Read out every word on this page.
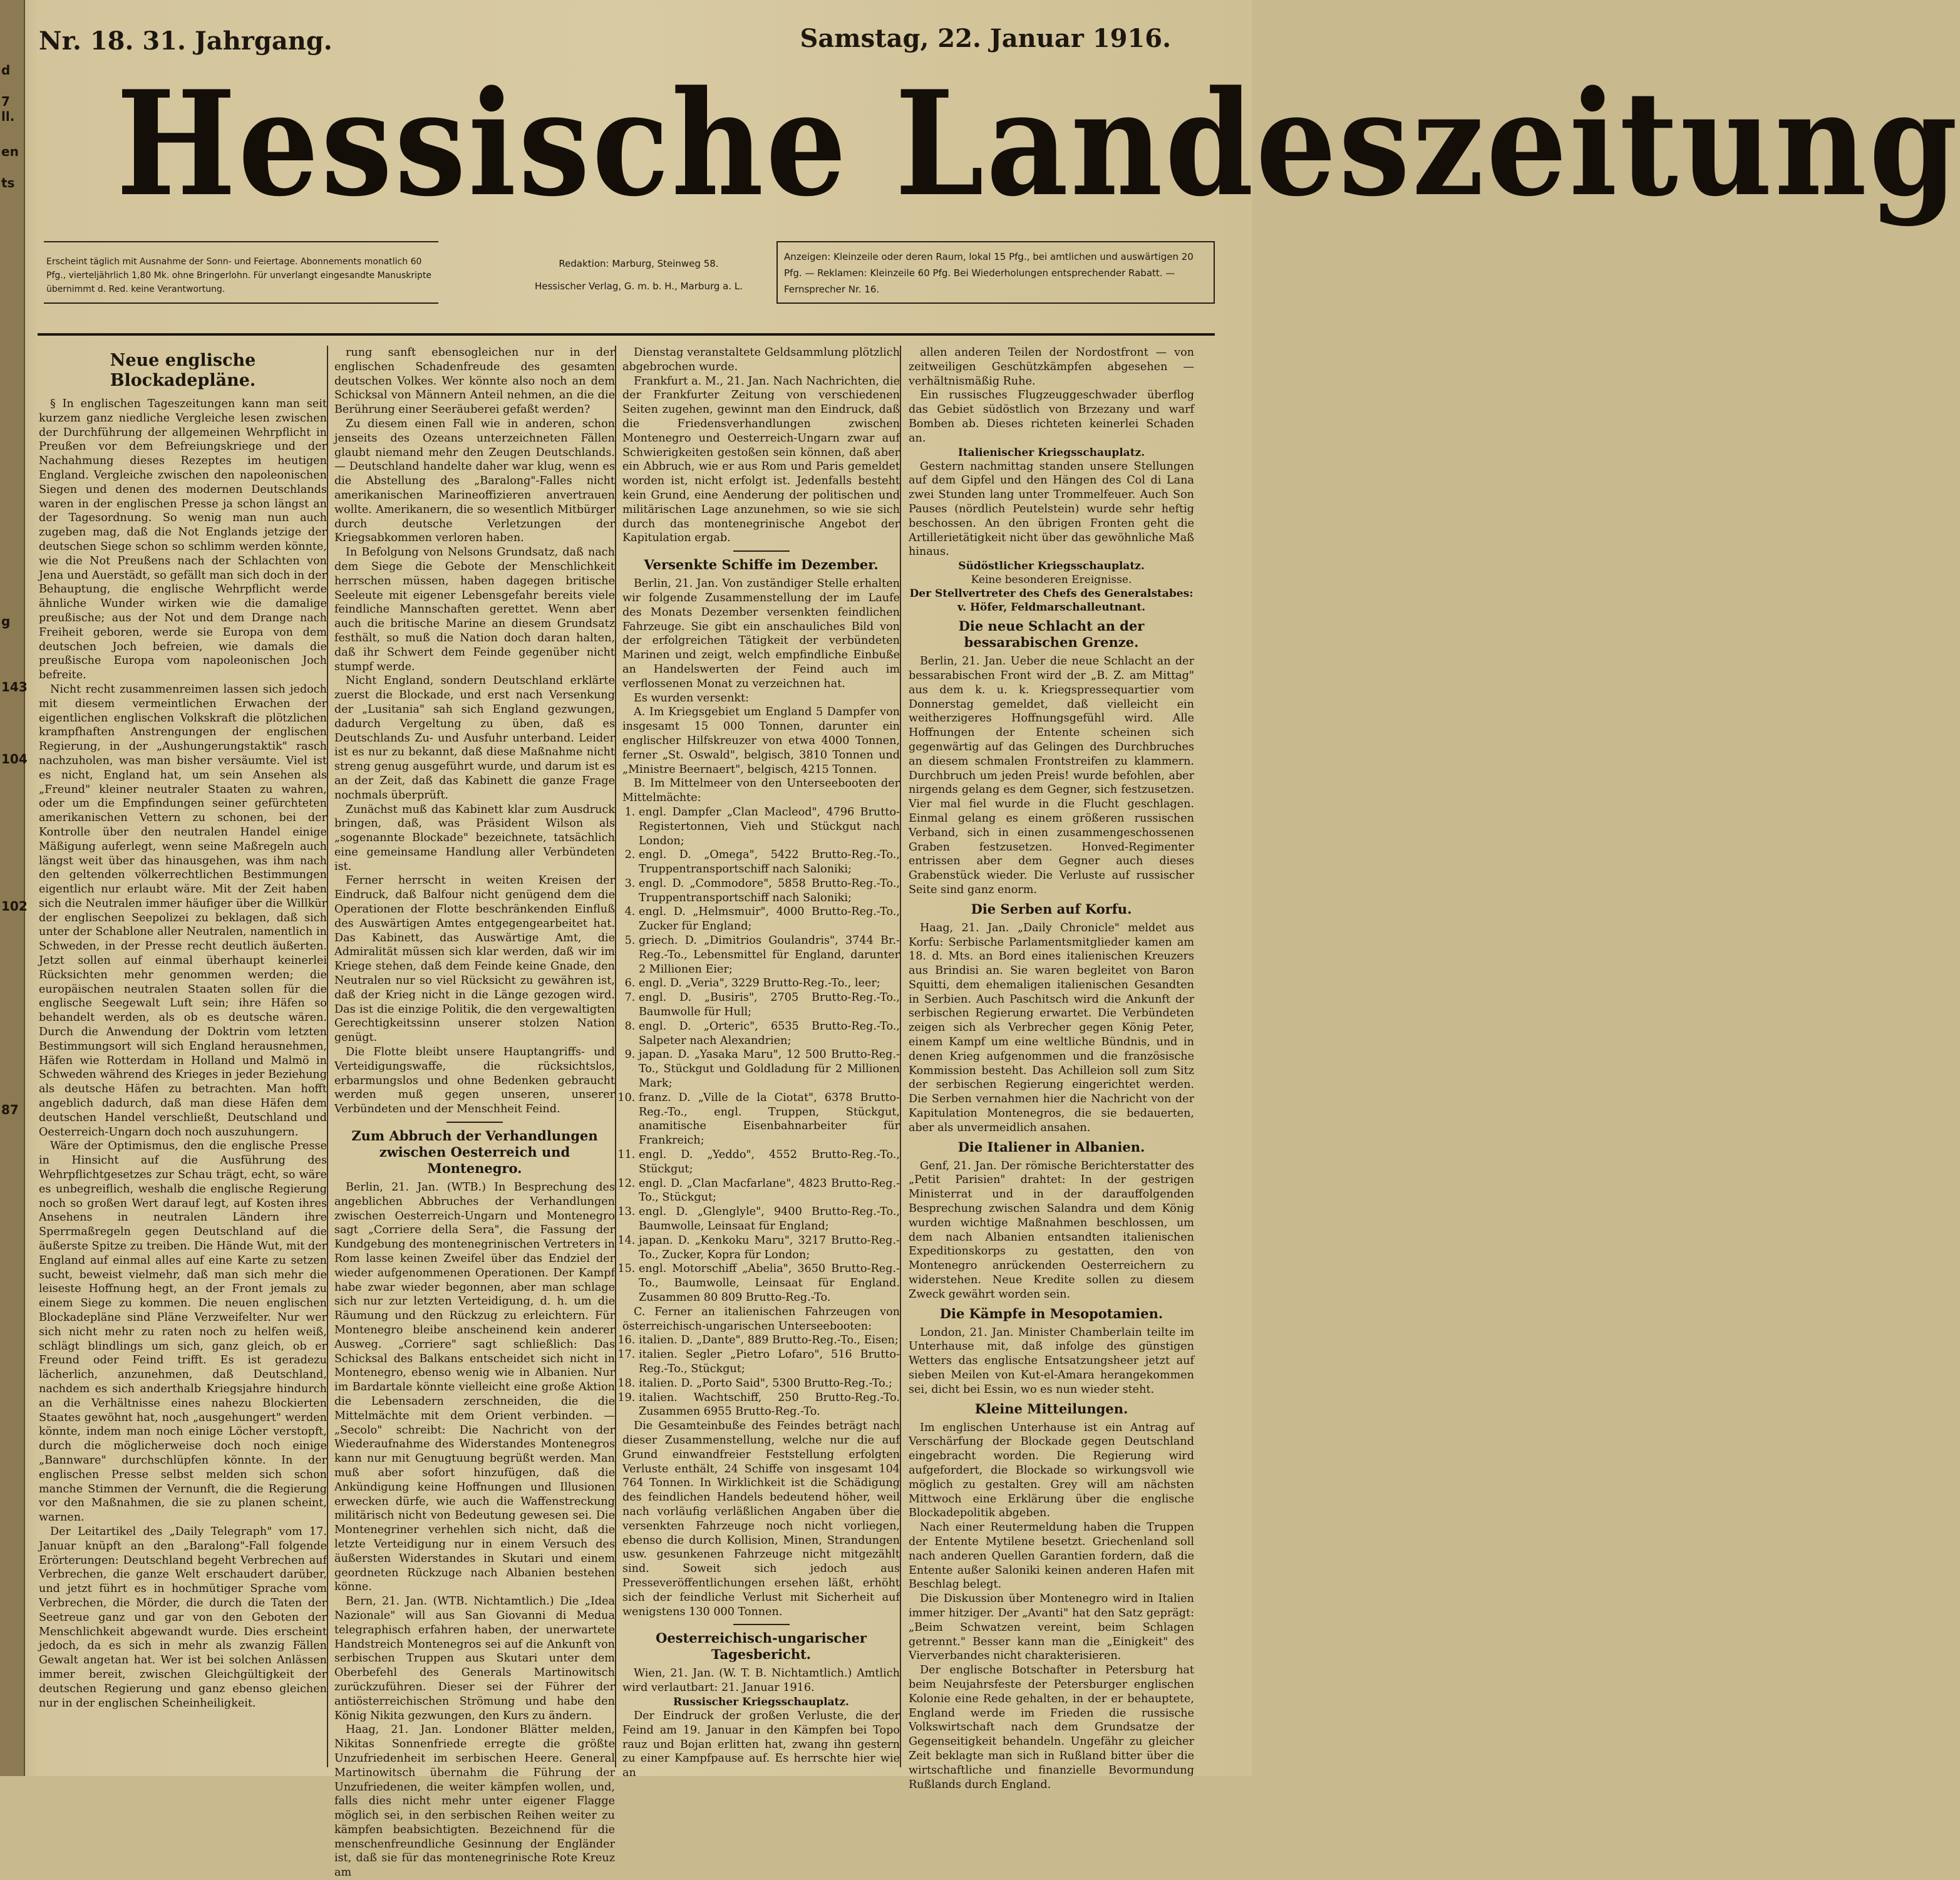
d
7 ll.
en
ts
g
143
104
102
87
Nr. 18. 31. Jahrgang.	Samstag, 22. Januar 1916.
Hessische Landeszeitung
Erscheint täglich mit Ausnahme der Sonn- und Feiertage. Abonnements monatlich 60 Pfg., vierteljährlich 1,80 Mk. ohne Bringerlohn. Für unverlangt eingesandte Manuskripte übernimmt d. Red. keine Verantwortung.
Redaktion: Marburg, Steinweg 58.
Hessischer Verlag, G. m. b. H., Marburg a. L.
Anzeigen: Kleinzeile oder deren Raum, lokal 15 Pfg., bei amtlichen und auswärtigen 20 Pfg. — Reklamen: Kleinzeile 60 Pfg. Bei Wiederholungen entsprechender Rabatt. — Fernsprecher Nr. 16.
Neue englische Blockadepläne.

§ In englischen Tageszeitungen kann man seit kurzem ganz niedliche Vergleiche lesen zwischen der Durchführung der allgemeinen Wehrpflicht in Preußen vor dem Befreiungskriege und der Nachahmung dieses Rezeptes im heutigen England. Vergleiche zwischen den napoleonischen Siegen und denen des modernen Deutschlands waren in der englischen Presse ja schon längst an der Tagesordnung. So wenig man nun auch zugeben mag, daß die Not Englands jetzige der deutschen Siege schon so schlimm werden könnte, wie die Not Preußens nach der Schlachten von Jena und Auerstädt, so gefällt man sich doch in der Behauptung, die englische Wehrpflicht werde ähnliche Wunder wirken wie die damalige preußische; aus der Not und dem Drange nach Freiheit geboren, werde sie Europa von dem deutschen Joch befreien, wie damals die preußische Europa vom napoleonischen Joch befreite.

Nicht recht zusammenreimen lassen sich jedoch mit diesem vermeintlichen Erwachen der eigentlichen englischen Volkskraft die plötzlichen krampfhaften Anstrengungen der englischen Regierung, in der „Aushungerungstaktik" rasch nachzuholen, was man bisher versäumte. Viel ist es nicht, England hat, um sein Ansehen als „Freund" kleiner neutraler Staaten zu wahren, oder um die Empfindungen seiner gefürchteten amerikanischen Vettern zu schonen, bei der Kontrolle über den neutralen Handel einige Mäßigung auferlegt, wenn seine Maßregeln auch längst weit über das hinausgehen, was ihm nach den geltenden völkerrechtlichen Bestimmungen eigentlich nur erlaubt wäre. Mit der Zeit haben sich die Neutralen immer häufiger über die Willkür der englischen Seepolizei zu beklagen, daß sich unter der Schablone aller Neutralen, namentlich in Schweden, in der Presse recht deutlich äußerten. Jetzt sollen auf einmal überhaupt keinerlei Rücksichten mehr genommen werden; die europäischen neutralen Staaten sollen für die englische Seegewalt Luft sein; ihre Häfen so behandelt werden, als ob es deutsche wären. Durch die Anwendung der Doktrin vom letzten Bestimmungsort will sich England herausnehmen, Häfen wie Rotterdam in Holland und Malmö in Schweden während des Krieges in jeder Beziehung als deutsche Häfen zu betrachten. Man hofft angeblich dadurch, daß man diese Häfen dem deutschen Handel verschließt, Deutschland und Oesterreich-Ungarn doch noch auszuhungern.

Wäre der Optimismus, den die englische Presse in Hinsicht auf die Ausführung des Wehrpflichtgesetzes zur Schau trägt, echt, so wäre es unbegreiflich, weshalb die englische Regierung noch so großen Wert darauf legt, auf Kosten ihres Ansehens in neutralen Ländern ihre Sperrmaßregeln gegen Deutschland auf die äußerste Spitze zu treiben. Die Hände Wut, mit der England auf einmal alles auf eine Karte zu setzen sucht, beweist vielmehr, daß man sich mehr die leiseste Hoffnung hegt, an der Front jemals zu einem Siege zu kommen. Die neuen englischen Blockadepläne sind Pläne Verzweifelter. Nur wer sich nicht mehr zu raten noch zu helfen weiß, schlägt blindlings um sich, ganz gleich, ob er Freund oder Feind trifft. Es ist geradezu lächerlich, anzunehmen, daß Deutschland, nachdem es sich anderthalb Kriegsjahre hindurch an die Verhältnisse eines nahezu Blockierten Staates gewöhnt hat, noch „ausgehungert" werden könnte, indem man noch einige Löcher verstopft, durch die möglicherweise doch noch einige „Bannware" durchschlüpfen könnte. In der englischen Presse selbst melden sich schon manche Stimmen der Vernunft, die die Regierung vor den Maßnahmen, die sie zu planen scheint, warnen.

Der Leitartikel des „Daily Telegraph" vom 17. Januar knüpft an den „Baralong"-Fall folgende Erörterungen: Deutschland begeht Verbrechen auf Verbrechen, die ganze Welt erschaudert darüber, und jetzt führt es in hochmütiger Sprache vom Verbrechen, die Mörder, die durch die Taten der Seetreue ganz und gar von den Geboten der Menschlichkeit abgewandt wurde. Dies erscheint jedoch, da es sich in mehr als zwanzig Fällen Gewalt angetan hat. Wer ist bei solchen Anlässen immer bereit, zwischen Gleichgültigkeit der deutschen Regierung und ganz ebenso gleichen nur in der englischen Scheinheiligkeit.

rung sanft ebensogleichen nur in der englischen Schadenfreude des gesamten deutschen Volkes. Wer könnte also noch an dem Schicksal von Männern Anteil nehmen, an die die Berührung einer Seeräuberei gefaßt werden?

Zu diesem einen Fall wie in anderen, schon jenseits des Ozeans unterzeichneten Fällen glaubt niemand mehr den Zeugen Deutschlands. — Deutschland handelte daher war klug, wenn es die Abstellung des „Baralong"-Falles nicht amerikanischen Marineoffizieren anvertrauen wollte. Amerikanern, die so wesentlich Mitbürger durch deutsche Verletzungen der Kriegsabkommen verloren haben.

In Befolgung von Nelsons Grundsatz, daß nach dem Siege die Gebote der Menschlichkeit herrschen müssen, haben dagegen britische Seeleute mit eigener Lebensgefahr bereits viele feindliche Mannschaften gerettet. Wenn aber auch die britische Marine an diesem Grundsatz festhält, so muß die Nation doch daran halten, daß ihr Schwert dem Feinde gegenüber nicht stumpf werde.

Nicht England, sondern Deutschland erklärte zuerst die Blockade, und erst nach Versenkung der „Lusitania" sah sich England gezwungen, dadurch Vergeltung zu üben, daß es Deutschlands Zu- und Ausfuhr unterband. Leider ist es nur zu bekannt, daß diese Maßnahme nicht streng genug ausgeführt wurde, und darum ist es an der Zeit, daß das Kabinett die ganze Frage nochmals überprüft.

Zunächst muß das Kabinett klar zum Ausdruck bringen, daß, was Präsident Wilson als „sogenannte Blockade" bezeichnete, tatsächlich eine gemeinsame Handlung aller Verbündeten ist.

Ferner herrscht in weiten Kreisen der Eindruck, daß Balfour nicht genügend dem die Operationen der Flotte beschränkenden Einfluß des Auswärtigen Amtes entgegengearbeitet hat. Das Kabinett, das Auswärtige Amt, die Admiralität müssen sich klar werden, daß wir im Kriege stehen, daß dem Feinde keine Gnade, den Neutralen nur so viel Rücksicht zu gewähren ist, daß der Krieg nicht in die Länge gezogen wird. Das ist die einzige Politik, die den vergewaltigten Gerechtigkeitssinn unserer stolzen Nation genügt.

Die Flotte bleibt unsere Hauptangriffs- und Verteidigungswaffe, die rücksichtslos, erbarmungslos und ohne Bedenken gebraucht werden muß gegen unseren, unserer Verbündeten und der Menschheit Feind.

Zum Abbruch der Verhandlungen zwischen Oesterreich und Montenegro.

Berlin, 21. Jan. (WTB.) In Besprechung des angeblichen Abbruches der Verhandlungen zwischen Oesterreich-Ungarn und Montenegro sagt „Corriere della Sera", die Fassung der Kundgebung des montenegrinischen Vertreters in Rom lasse keinen Zweifel über das Endziel der wieder aufgenommenen Operationen. Der Kampf habe zwar wieder begonnen, aber man schlage sich nur zur letzten Verteidigung, d. h. um die Räumung und den Rückzug zu erleichtern. Für Montenegro bleibe anscheinend kein anderer Ausweg. „Corriere" sagt schließlich: Das Schicksal des Balkans entscheidet sich nicht in Montenegro, ebenso wenig wie in Albanien. Nur im Bardartale könnte vielleicht eine große Aktion die Lebensadern zerschneiden, die die Mittelmächte mit dem Orient verbinden. — „Secolo" schreibt: Die Nachricht von der Wiederaufnahme des Widerstandes Montenegros kann nur mit Genugtuung begrüßt werden. Man muß aber sofort hinzufügen, daß die Ankündigung keine Hoffnungen und Illusionen erwecken dürfe, wie auch die Waffenstreckung militärisch nicht von Bedeutung gewesen sei. Die Montenegriner verhehlen sich nicht, daß die letzte Verteidigung nur in einem Versuch des äußersten Widerstandes in Skutari und einem geordneten Rückzuge nach Albanien bestehen könne.

Bern, 21. Jan. (WTB. Nichtamtlich.) Die „Idea Nazionale" will aus San Giovanni di Medua telegraphisch erfahren haben, der unerwartete Handstreich Montenegros sei auf die Ankunft von serbischen Truppen aus Skutari unter dem Oberbefehl des Generals Martinowitsch zurückzuführen. Dieser sei der Führer der antiösterreichischen Strömung und habe den König Nikita gezwungen, den Kurs zu ändern.

Haag, 21. Jan. Londoner Blätter melden, Nikitas Sonnenfriede erregte die größte Unzufriedenheit im serbischen Heere. General Martinowitsch übernahm die Führung der Unzufriedenen, die weiter kämpfen wollen, und, falls dies nicht mehr unter eigener Flagge möglich sei, in den serbischen Reihen weiter zu kämpfen beabsichtigten. Bezeichnend für die menschenfreundliche Gesinnung der Engländer ist, daß sie für das montenegrinische Rote Kreuz am

Dienstag veranstaltete Geldsammlung plötzlich abgebrochen wurde.

Frankfurt a. M., 21. Jan. Nach Nachrichten, die der Frankfurter Zeitung von verschiedenen Seiten zugehen, gewinnt man den Eindruck, daß die Friedensverhandlungen zwischen Montenegro und Oesterreich-Ungarn zwar auf Schwierigkeiten gestoßen sein können, daß aber ein Abbruch, wie er aus Rom und Paris gemeldet worden ist, nicht erfolgt ist. Jedenfalls besteht kein Grund, eine Aenderung der politischen und militärischen Lage anzunehmen, so wie sie sich durch das montenegrinische Angebot der Kapitulation ergab.

Versenkte Schiffe im Dezember.

Berlin, 21. Jan. Von zuständiger Stelle erhalten wir folgende Zusammenstellung der im Laufe des Monats Dezember versenkten feindlichen Fahrzeuge. Sie gibt ein anschauliches Bild von der erfolgreichen Tätigkeit der verbündeten Marinen und zeigt, welch empfindliche Einbuße an Handelswerten der Feind auch im verflossenen Monat zu verzeichnen hat.

Es wurden versenkt:

A. Im Kriegsgebiet um England 5 Dampfer von insgesamt 15 000 Tonnen, darunter ein englischer Hilfskreuzer von etwa 4000 Tonnen, ferner „St. Oswald", belgisch, 3810 Tonnen und „Ministre Beernaert", belgisch, 4215 Tonnen.

B. Im Mittelmeer von den Unterseebooten der Mittelmächte:

1. engl. Dampfer „Clan Macleod", 4796 Brutto-Registertonnen, Vieh und Stückgut nach London;
2. engl. D. „Omega", 5422 Brutto-Reg.-To., Truppentransportschiff nach Saloniki;
3. engl. D. „Commodore", 5858 Brutto-Reg.-To., Truppentransportschiff nach Saloniki;
4. engl. D. „Helmsmuir", 4000 Brutto-Reg.-To., Zucker für England;
5. griech. D. „Dimitrios Goulandris", 3744 Br.-Reg.-To., Lebensmittel für England, darunter 2 Millionen Eier;
6. engl. D. „Veria", 3229 Brutto-Reg.-To., leer;
7. engl. D. „Busiris", 2705 Brutto-Reg.-To., Baumwolle für Hull;
8. engl. D. „Orteric", 6535 Brutto-Reg.-To., Salpeter nach Alexandrien;
9. japan. D. „Yasaka Maru", 12 500 Brutto-Reg.-To., Stückgut und Goldladung für 2 Millionen Mark;
10. franz. D. „Ville de la Ciotat", 6378 Brutto-Reg.-To., engl. Truppen, Stückgut, anamitische Eisenbahnarbeiter für Frankreich;
11. engl. D. „Yeddo", 4552 Brutto-Reg.-To., Stückgut;
12. engl. D. „Clan Macfarlane", 4823 Brutto-Reg.-To., Stückgut;
13. engl. D. „Glenglyle", 9400 Brutto-Reg.-To., Baumwolle, Leinsaat für England;
14. japan. D. „Kenkoku Maru", 3217 Brutto-Reg.-To., Zucker, Kopra für London;
15. engl. Motorschiff „Abelia", 3650 Brutto-Reg.-To., Baumwolle, Leinsaat für England. Zusammen 80 809 Brutto-Reg.-To.

C. Ferner an italienischen Fahrzeugen von österreichisch-ungarischen Unterseebooten:

16. italien. D. „Dante", 889 Brutto-Reg.-To., Eisen;
17. italien. Segler „Pietro Lofaro", 516 Brutto-Reg.-To., Stückgut;
18. italien. D. „Porto Said", 5300 Brutto-Reg.-To.;
19. italien. Wachtschiff, 250 Brutto-Reg.-To. Zusammen 6955 Brutto-Reg.-To.

Die Gesamteinbuße des Feindes beträgt nach dieser Zusammenstellung, welche nur die auf Grund einwandfreier Feststellung erfolgten Verluste enthält, 24 Schiffe von insgesamt 104 764 Tonnen. In Wirklichkeit ist die Schädigung des feindlichen Handels bedeutend höher, weil nach vorläufig verläßlichen Angaben über die versenkten Fahrzeuge noch nicht vorliegen, ebenso die durch Kollision, Minen, Strandungen usw. gesunkenen Fahrzeuge nicht mitgezählt sind. Soweit sich jedoch aus Presseveröffentlichungen ersehen läßt, erhöht sich der feindliche Verlust mit Sicherheit auf wenigstens 130 000 Tonnen.

Oesterreichisch-ungarischer Tagesbericht.

Wien, 21. Jan. (W. T. B. Nichtamtlich.) Amtlich wird verlautbart: 21. Januar 1916.

Russischer Kriegsschauplatz.

Der Eindruck der großen Verluste, die der Feind am 19. Januar in den Kämpfen bei Topo rauz und Bojan erlitten hat, zwang ihn gestern zu einer Kampfpause auf. Es herrschte hier wie an

allen anderen Teilen der Nordostfront — von zeitweiligen Geschützkämpfen abgesehen — verhältnismäßig Ruhe.

Ein russisches Flugzeuggeschwader überflog das Gebiet südöstlich von Brzezany und warf Bomben ab. Dieses richteten keinerlei Schaden an.

Italienischer Kriegsschauplatz.

Gestern nachmittag standen unsere Stellungen auf dem Gipfel und den Hängen des Col di Lana zwei Stunden lang unter Trommelfeuer. Auch Son Pauses (nördlich Peutelstein) wurde sehr heftig beschossen. An den übrigen Fronten geht die Artillerietätigkeit nicht über das gewöhnliche Maß hinaus.

Südöstlicher Kriegsschauplatz.
Keine besonderen Ereignisse.
Der Stellvertreter des Chefs des Generalstabes: v. Höfer, Feldmarschalleutnant.
Die neue Schlacht an der bessarabischen Grenze.

Berlin, 21. Jan. Ueber die neue Schlacht an der bessarabischen Front wird der „B. Z. am Mittag" aus dem k. u. k. Kriegspressequartier vom Donnerstag gemeldet, daß vielleicht ein weitherzigeres Hoffnungsgefühl wird. Alle Hoffnungen der Entente scheinen sich gegenwärtig auf das Gelingen des Durchbruches an diesem schmalen Frontstreifen zu klammern. Durchbruch um jeden Preis! wurde befohlen, aber nirgends gelang es dem Gegner, sich festzusetzen. Vier mal fiel wurde in die Flucht geschlagen. Einmal gelang es einem größeren russischen Verband, sich in einen zusammengeschossenen Graben festzusetzen. Honved-Regimenter entrissen aber dem Gegner auch dieses Grabenstück wieder. Die Verluste auf russischer Seite sind ganz enorm.

Die Serben auf Korfu.

Haag, 21. Jan. „Daily Chronicle" meldet aus Korfu: Serbische Parlamentsmitglieder kamen am 18. d. Mts. an Bord eines italienischen Kreuzers aus Brindisi an. Sie waren begleitet von Baron Squitti, dem ehemaligen italienischen Gesandten in Serbien. Auch Paschitsch wird die Ankunft der serbischen Regierung erwartet. Die Verbündeten zeigen sich als Verbrecher gegen König Peter, einem Kampf um eine weltliche Bündnis, und in denen Krieg aufgenommen und die französische Kommission besteht. Das Achilleion soll zum Sitz der serbischen Regierung eingerichtet werden. Die Serben vernahmen hier die Nachricht von der Kapitulation Montenegros, die sie bedauerten, aber als unvermeidlich ansahen.

Die Italiener in Albanien.

Genf, 21. Jan. Der römische Berichterstatter des „Petit Parisien" drahtet: In der gestrigen Ministerrat und in der darauffolgenden Besprechung zwischen Salandra und dem König wurden wichtige Maßnahmen beschlossen, um dem nach Albanien entsandten italienischen Expeditionskorps zu gestatten, den von Montenegro anrückenden Oesterreichern zu widerstehen. Neue Kredite sollen zu diesem Zweck gewährt worden sein.

Die Kämpfe in Mesopotamien.

London, 21. Jan. Minister Chamberlain teilte im Unterhause mit, daß infolge des günstigen Wetters das englische Entsatzungsheer jetzt auf sieben Meilen von Kut-el-Amara herangekommen sei, dicht bei Essin, wo es nun wieder steht.

Kleine Mitteilungen.

Im englischen Unterhause ist ein Antrag auf Verschärfung der Blockade gegen Deutschland eingebracht worden. Die Regierung wird aufgefordert, die Blockade so wirkungsvoll wie möglich zu gestalten. Grey will am nächsten Mittwoch eine Erklärung über die englische Blockadepolitik abgeben.

Nach einer Reutermeldung haben die Truppen der Entente Mytilene besetzt. Griechenland soll nach anderen Quellen Garantien fordern, daß die Entente außer Saloniki keinen anderen Hafen mit Beschlag belegt.

Die Diskussion über Montenegro wird in Italien immer hitziger. Der „Avanti" hat den Satz geprägt: „Beim Schwatzen vereint, beim Schlagen getrennt." Besser kann man die „Einigkeit" des Vierverbandes nicht charakterisieren.

Der englische Botschafter in Petersburg hat beim Neujahrsfeste der Petersburger englischen Kolonie eine Rede gehalten, in der er behauptete, England werde im Frieden die russische Volkswirtschaft nach dem Grundsatze der Gegenseitigkeit behandeln. Ungefähr zu gleicher Zeit beklagte man sich in Rußland bitter über die wirtschaftliche und finanzielle Bevormundung Rußlands durch England.
